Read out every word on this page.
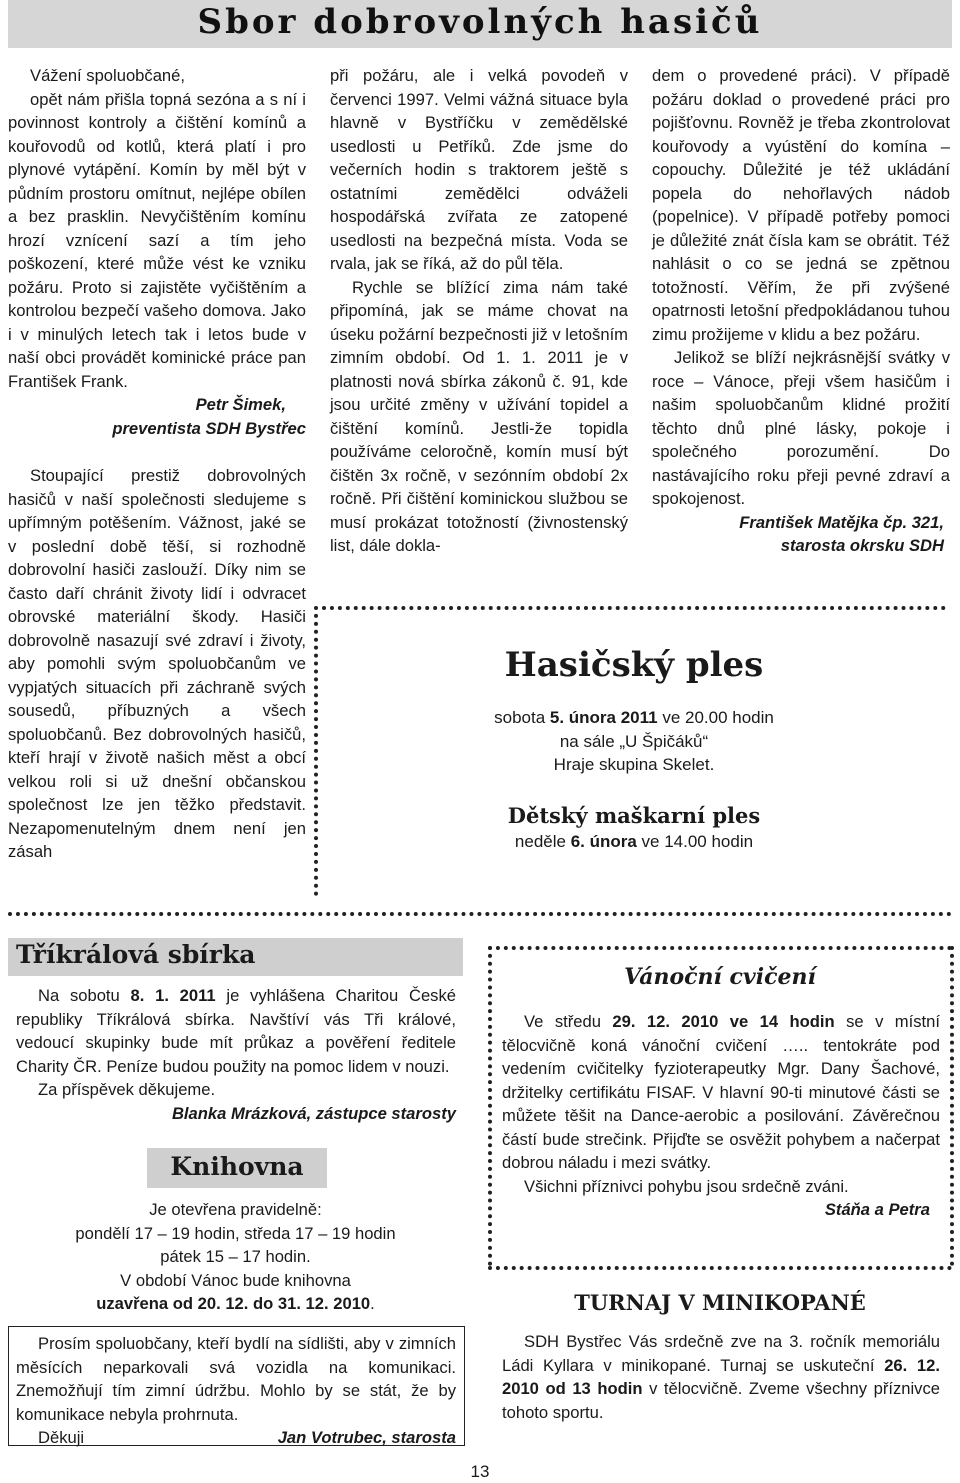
Sbor dobrovolných hasičů

Vážení spoluobčané,

opět nám přišla topná sezóna a s ní i povinnost kontroly a čištění komínů a kouřovodů od kotlů, která platí i pro plynové vytápění. Komín by měl být v půdním prostoru omítnut, nejlépe obílen a bez prasklin. Nevyčištěním komínu hrozí vznícení sazí a tím jeho poškození, které může vést ke vzniku požáru. Proto si zajistěte vyčištěním a kontrolou bezpečí vašeho domova. Jako i v minulých letech tak i letos bude v naší obci provádět kominické práce pan František Frank.

Petr Šimek,

preventista SDH Bystřec

Stoupající prestiž dobrovolných hasičů v naší společnosti sledujeme s upřímným potěšením. Vážnost, jaké se v poslední době těší, si rozhodně dobrovolní hasiči zaslouží. Díky nim se často daří chránit životy lidí i odvracet obrovské materiální škody. Hasiči dobrovolně nasazují své zdraví i životy, aby pomohli svým spoluobčanům ve vypjatých situacích při záchraně svých sousedů, příbuzných a všech spoluobčanů. Bez dobrovolných hasičů, kteří hrají v životě našich měst a obcí velkou roli si už dnešní občanskou společnost lze jen těžko představit. Nezapomenutelným dnem není jen zásah

při požáru, ale i velká povodeň v červenci 1997. Velmi vážná situace byla hlavně v Bystříčku v zemědělské usedlosti u Petříků. Zde jsme do večerních hodin s traktorem ještě s ostatními zemědělci odváželi hospodářská zvířata ze zatopené usedlosti na bezpečná místa. Voda se rvala, jak se říká, až do půl těla.

Rychle se blížící zima nám také připomíná, jak se máme chovat na úseku požární bezpečnosti již v letošním zimním období. Od 1. 1. 2011 je v platnosti nová sbírka zákonů č. 91, kde jsou určité změny v užívání topidel a čištění komínů. Jestli-že topidla používáme celoročně, komín musí být čištěn 3x ročně, v sezónním období 2x ročně. Při čištění kominickou službou se musí prokázat totožností (živnostenský list, dále dokla-

dem o provedené práci). V případě požáru doklad o provedené práci pro pojišťovnu. Rovněž je třeba zkontrolovat kouřovody a vyústění do komína – copouchy. Důležité je též ukládání popela do nehořlavých nádob (popelnice). V případě potřeby pomoci je důležité znát čísla kam se obrátit. Též nahlásit o co se jedná se zpětnou totožností. Věřím, že při zvýšené opatrnosti letošní předpokládanou tuhou zimu prožijeme v klidu a bez požáru.

Jelikož se blíží nejkrásnější svátky v roce – Vánoce, přeji všem hasičům i našim spoluobčanům klidné prožití těchto dnů plné lásky, pokoje i společného porozumění. Do nastávajícího roku přeji pevné zdraví a spokojenost.

František Matějka čp. 321,

starosta okrsku SDH

Hasičský ples

sobota 5. února 2011 ve 20.00 hodin

na sále „U Špičáků“

Hraje skupina Skelet.

Dětský maškarní ples

neděle 6. února ve 14.00 hodin

Tříkrálová sbírka

Na sobotu 8. 1. 2011 je vyhlášena Charitou České republiky Tříkrálová sbírka. Navštíví vás Tři králové, vedoucí skupinky bude mít průkaz a pověření ředitele Charity ČR. Peníze budou použity na pomoc lidem v nouzi.

Za příspěvek děkujeme.

Blanka Mrázková, zástupce starosty

Knihovna

Je otevřena pravidelně:

pondělí 17 – 19 hodin, středa 17 – 19 hodin

pátek 15 – 17 hodin.

V období Vánoc bude knihovna

uzavřena od 20. 12. do 31. 12. 2010.

Prosím spoluobčany, kteří bydlí na sídlišti, aby v zimních měsících neparkovali svá vozidla na komunikaci. Znemožňují tím zimní údržbu. Mohlo by se stát, že by komunikace nebyla prohrnuta.

Děkuji	Jan Votrubec, starosta

Vánoční cvičení

Ve středu 29. 12. 2010 ve 14 hodin se v místní tělocvičně koná vánoční cvičení ….. tentokráte pod vedením cvičitelky fyzioterapeutky Mgr. Dany Šachové, držitelky certifikátu FISAF. V hlavní 90-ti minutové části se můžete těšit na Dance-aerobic a posilování. Závěrečnou částí bude strečink. Přijďte se osvěžit pohybem a načerpat dobrou náladu i mezi svátky.

Všichni příznivci pohybu jsou srdečně zváni.

Stáňa a Petra

TURNAJ V MINIKOPANÉ

SDH Bystřec Vás srdečně zve na 3. ročník memoriálu Ládi Kyllara v minikopané. Turnaj se uskuteční 26. 12. 2010 od 13 hodin v tělocvičně. Zveme všechny příznivce tohoto sportu.

13
